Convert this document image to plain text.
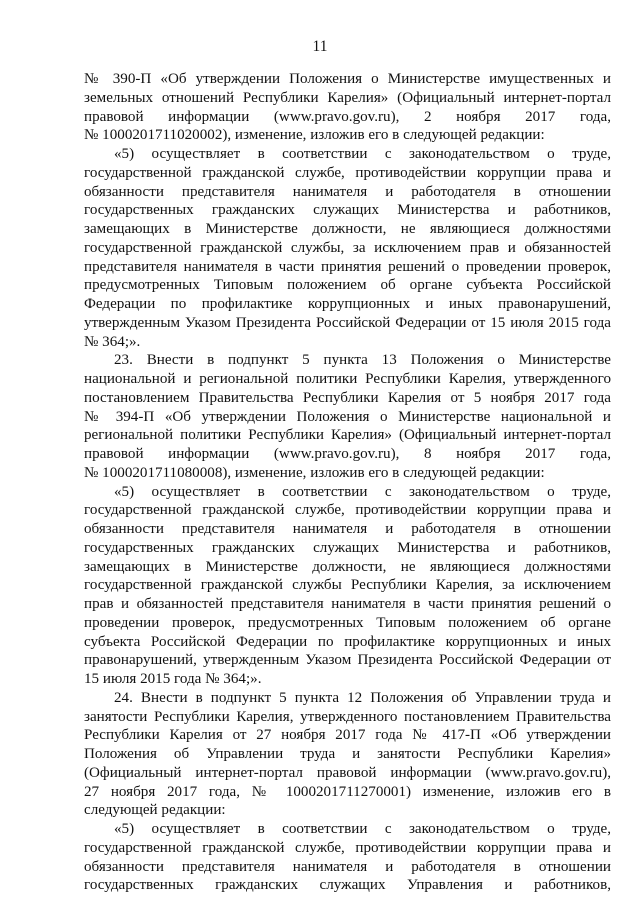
11
№ 390-П «Об утверждении Положения о Министерстве имущественных и
земельных отношений Республики Карелия» (Официальный интернет-портал
правовой информации (www.pravo.gov.ru), 2 ноября 2017 года,
№ 1000201711020002), изменение, изложив его в следующей редакции:
«5) осуществляет в соответствии с законодательством о труде,
государственной гражданской службе, противодействии коррупции права и
обязанности представителя нанимателя и работодателя в отношении
государственных гражданских служащих Министерства и работников,
замещающих в Министерстве должности, не являющиеся должностями
государственной гражданской службы, за исключением прав и обязанностей
представителя нанимателя в части принятия решений о проведении проверок,
предусмотренных Типовым положением об органе субъекта Российской
Федерации по профилактике коррупционных и иных правонарушений,
утвержденным Указом Президента Российской Федерации от 15 июля 2015 года
№ 364;».
23. Внести в подпункт 5 пункта 13 Положения о Министерстве
национальной и региональной политики Республики Карелия, утвержденного
постановлением Правительства Республики Карелия от 5 ноября 2017 года
№ 394-П «Об утверждении Положения о Министерстве национальной и
региональной политики Республики Карелия» (Официальный интернет-портал
правовой информации (www.pravo.gov.ru), 8 ноября 2017 года,
№ 1000201711080008), изменение, изложив его в следующей редакции:
«5) осуществляет в соответствии с законодательством о труде,
государственной гражданской службе, противодействии коррупции права и
обязанности представителя нанимателя и работодателя в отношении
государственных гражданских служащих Министерства и работников,
замещающих в Министерстве должности, не являющиеся должностями
государственной гражданской службы Республики Карелия, за исключением
прав и обязанностей представителя нанимателя в части принятия решений о
проведении проверок, предусмотренных Типовым положением об органе
субъекта Российской Федерации по профилактике коррупционных и иных
правонарушений, утвержденным Указом Президента Российской Федерации от
15 июля 2015 года № 364;».
24. Внести в подпункт 5 пункта 12 Положения об Управлении труда и
занятости Республики Карелия, утвержденного постановлением Правительства
Республики Карелия от 27 ноября 2017 года № 417-П «Об утверждении
Положения об Управлении труда и занятости Республики Карелия»
(Официальный интернет-портал правовой информации (www.pravo.gov.ru),
27 ноября 2017 года, № 1000201711270001) изменение, изложив его в
следующей редакции:
«5) осуществляет в соответствии с законодательством о труде,
государственной гражданской службе, противодействии коррупции права и
обязанности представителя нанимателя и работодателя в отношении
государственных гражданских служащих Управления и работников,
